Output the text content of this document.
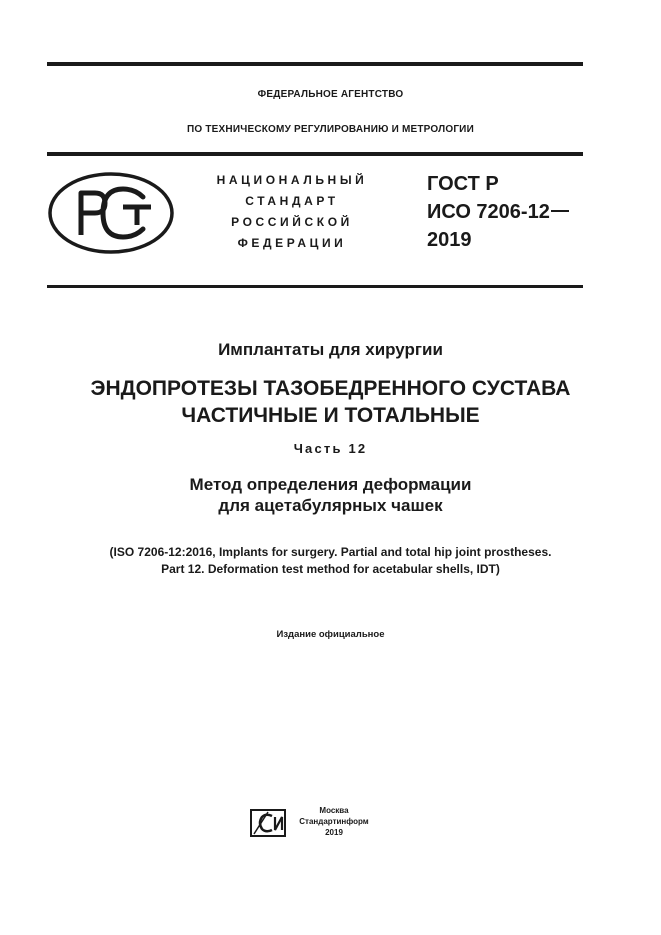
ФЕДЕРАЛЬНОЕ АГЕНТСТВО
ПО ТЕХНИЧЕСКОМУ РЕГУЛИРОВАНИЮ И МЕТРОЛОГИИ
РСТ
НАЦИОНАЛЬНЫЙ
СТАНДАРТ
РОССИЙСКОЙ
ФЕДЕРАЦИИ
ГОСТ Р
ИСО 7206-12
2019
Имплантаты для хирургии
ЭНДОПРОТЕЗЫ ТАЗОБЕДРЕННОГО СУСТАВА
ЧАСТИЧНЫЕ И ТОТАЛЬНЫЕ
Часть 12
Метод определения деформации
для ацетабулярных чашек
(ISO 7206-12:2016, Implants for surgery. Partial and total hip joint prostheses.
Part 12. Deformation test method for acetabular shells, IDT)
Издание официальное
Москва
Стандартинформ
2019
